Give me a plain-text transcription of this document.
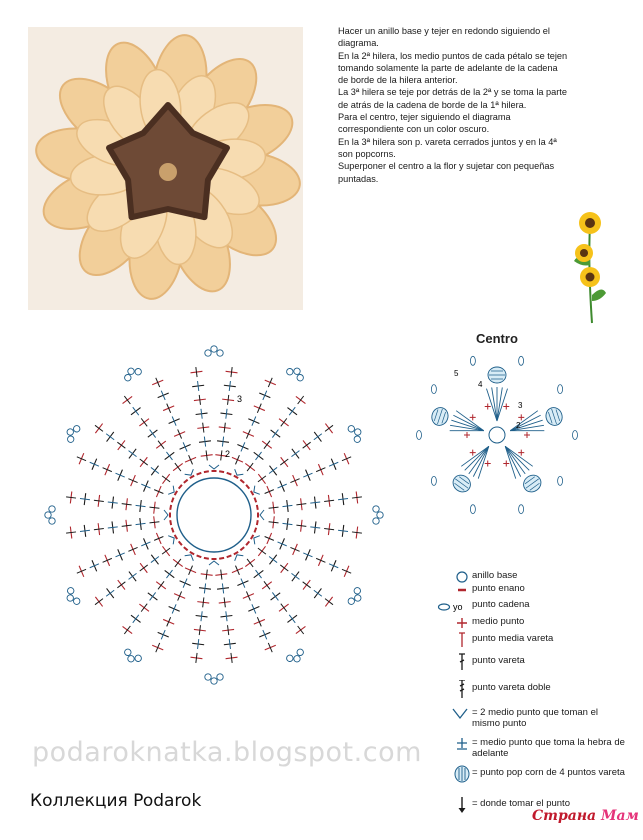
Hacer un anillo base y tejer en redondo siguiendo el diagrama.

En la 2ª hilera, los medio puntos de cada pétalo se tejen tomando solamente la parte de adelante de la cadena de borde de la hilera anterior.

La 3ª hilera se teje por detrás de la 2ª y se toma la parte de atrás de la cadena de borde de la 1ª hilera.

Para el centro, tejer siguiendo el diagrama correspondiente con un color oscuro.

En la 3ª hilera son p. vareta cerrados juntos y en la 4ª son popcorns.

Superponer el centro a la flor y sujetar con pequeñas puntadas.

2
3
Centro
2
3
4
5
anillo base
punto enano
yo punto cadena
medio punto
punto media vareta
punto vareta
punto vareta doble
= 2 medio punto que toman el mismo punto
= medio punto que toma la hebra de adelante
= punto pop corn de 4 puntos vareta
= donde tomar el punto
podaroknatka.blogspot.com
Коллекция Podarok
Страна Мам
